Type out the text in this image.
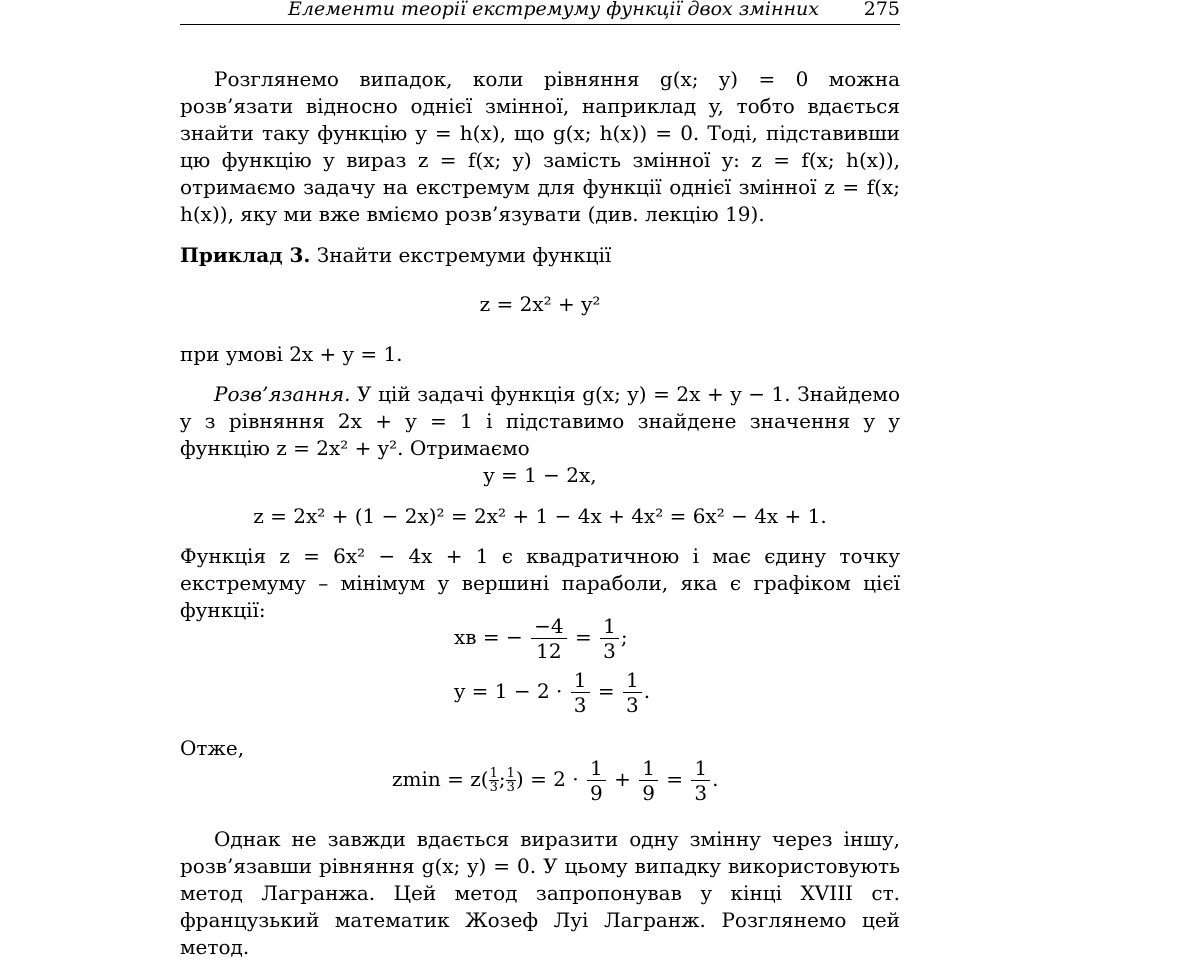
Елементи теорії екстремуму функції двох змінних 275
Розглянемо випадок, коли рівняння g(x; y) = 0 можна розв’язати відносно однієї змінної, наприклад y, тобто вдається знайти таку функцію y = h(x), що g(x; h(x)) = 0. Тоді, підставивши цю функцію у вираз z = f(x; y) замість змінної y: z = f(x; h(x)), отримаємо задачу на екстремум для функції однієї змінної z = f(x; h(x)), яку ми вже вміємо розв’язувати (див. лекцію 19).
Приклад 3. Знайти екстремуми функції
z = 2x² + y²
при умові 2x + y = 1.
Розв’язання. У цій задачі функція g(x; y) = 2x + y − 1. Знайдемо y з рівняння 2x + y = 1 і підставимо знайдене значення y у функцію z = 2x² + y². Отримаємо
y = 1 − 2x,
z = 2x² + (1 − 2x)² = 2x² + 1 − 4x + 4x² = 6x² − 4x + 1.
Функція z = 6x² − 4x + 1 є квадратичною і має єдину точку екстремуму – мінімум у вершині параболи, яка є графіком цієї функції:
xв = − $\frac{-4}{12} = \frac{1}{3}$ ;
$y = 1 - 2 \cdot \frac{1}{3} = \frac{1}{3}$ .
Отже,
$zmin = z( \frac{1}{3}$ ; $\frac{1}{3}$ ) = $2 \cdot \frac{1}{9} + \frac{1}{9} = \frac{1}{3}$ .
Однак не завжди вдається виразити одну змінну через іншу, розв’язавши рівняння g(x; y) = 0. У цьому випадку використовують метод Лагранжа. Цей метод запропонував у кінці XVIII ст. французький математик Жозеф Луі Лагранж. Розглянемо цей метод.
